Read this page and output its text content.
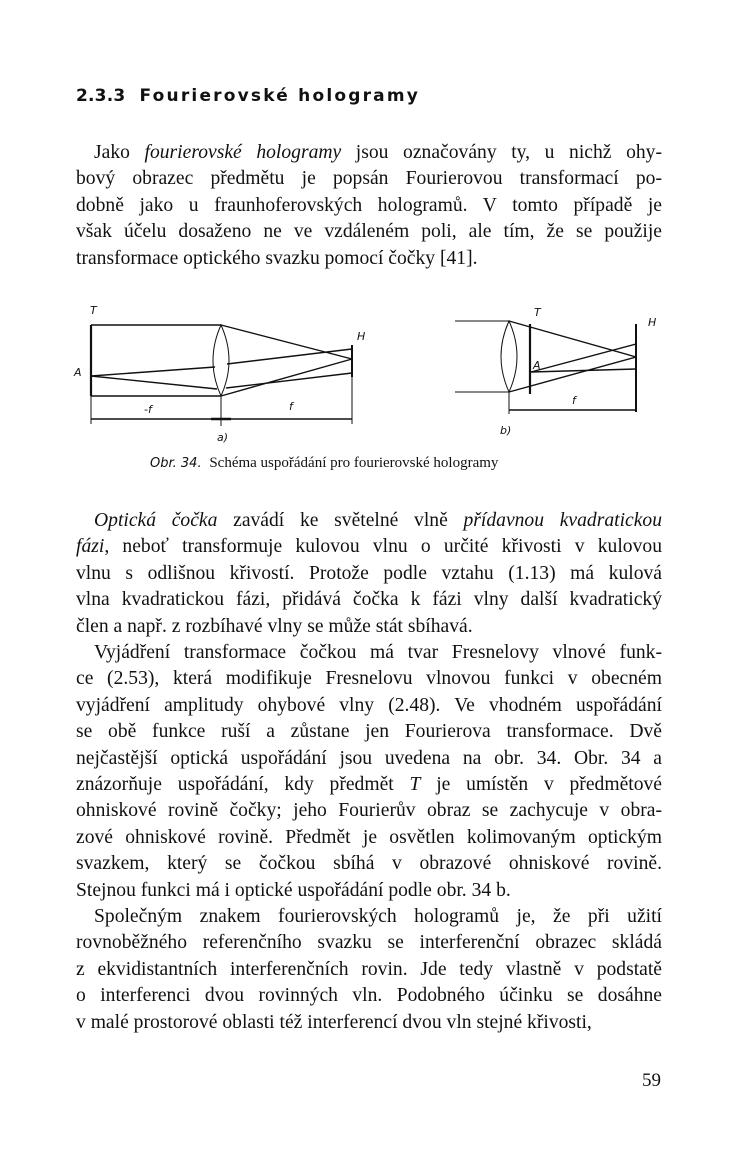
2.3.3 Fourierovské hologramy
Jako fourierovské hologramy jsou označovány ty, u nichž ohy-
bový obrazec předmětu je popsán Fourierovou transformací po-
dobně jako u fraunhoferovských hologramů. V tomto případě je
však účelu dosaženo ne ve vzdáleném poli, ale tím, že se použije
transformace optického svazku pomocí čočky [41].
T
A
H
-f	f
a)
T
A
H
f
b)
Obr. 34. Schéma uspořádání pro fourierovské hologramy
Optická čočka zavádí ke světelné vlně přídavnou kvadratickou
fázi, neboť transformuje kulovou vlnu o určité křivosti v kulovou
vlnu s odlišnou křivostí. Protože podle vztahu (1.13) má kulová
vlna kvadratickou fázi, přidává čočka k fázi vlny další kvadratický
člen a např. z rozbíhavé vlny se může stát sbíhavá.
Vyjádření transformace čočkou má tvar Fresnelovy vlnové funk-
ce (2.53), která modifikuje Fresnelovu vlnovou funkci v obecném
vyjádření amplitudy ohybové vlny (2.48). Ve vhodném uspořádání
se obě funkce ruší a zůstane jen Fourierova transformace. Dvě
nejčastější optická uspořádání jsou uvedena na obr. 34. Obr. 34 a
znázorňuje uspořádání, kdy předmět T je umístěn v předmětové
ohniskové rovině čočky; jeho Fourierův obraz se zachycuje v obra-
zové ohniskové rovině. Předmět je osvětlen kolimovaným optickým
svazkem, který se čočkou sbíhá v obrazové ohniskové rovině.
Stejnou funkci má i optické uspořádání podle obr. 34 b.
Společným znakem fourierovských hologramů je, že při užití
rovnoběžného referenčního svazku se interferenční obrazec skládá
z ekvidistantních interferenčních rovin. Jde tedy vlastně v podstatě
o interferenci dvou rovinných vln. Podobného účinku se dosáhne
v malé prostorové oblasti též interferencí dvou vln stejné křivosti,
59
